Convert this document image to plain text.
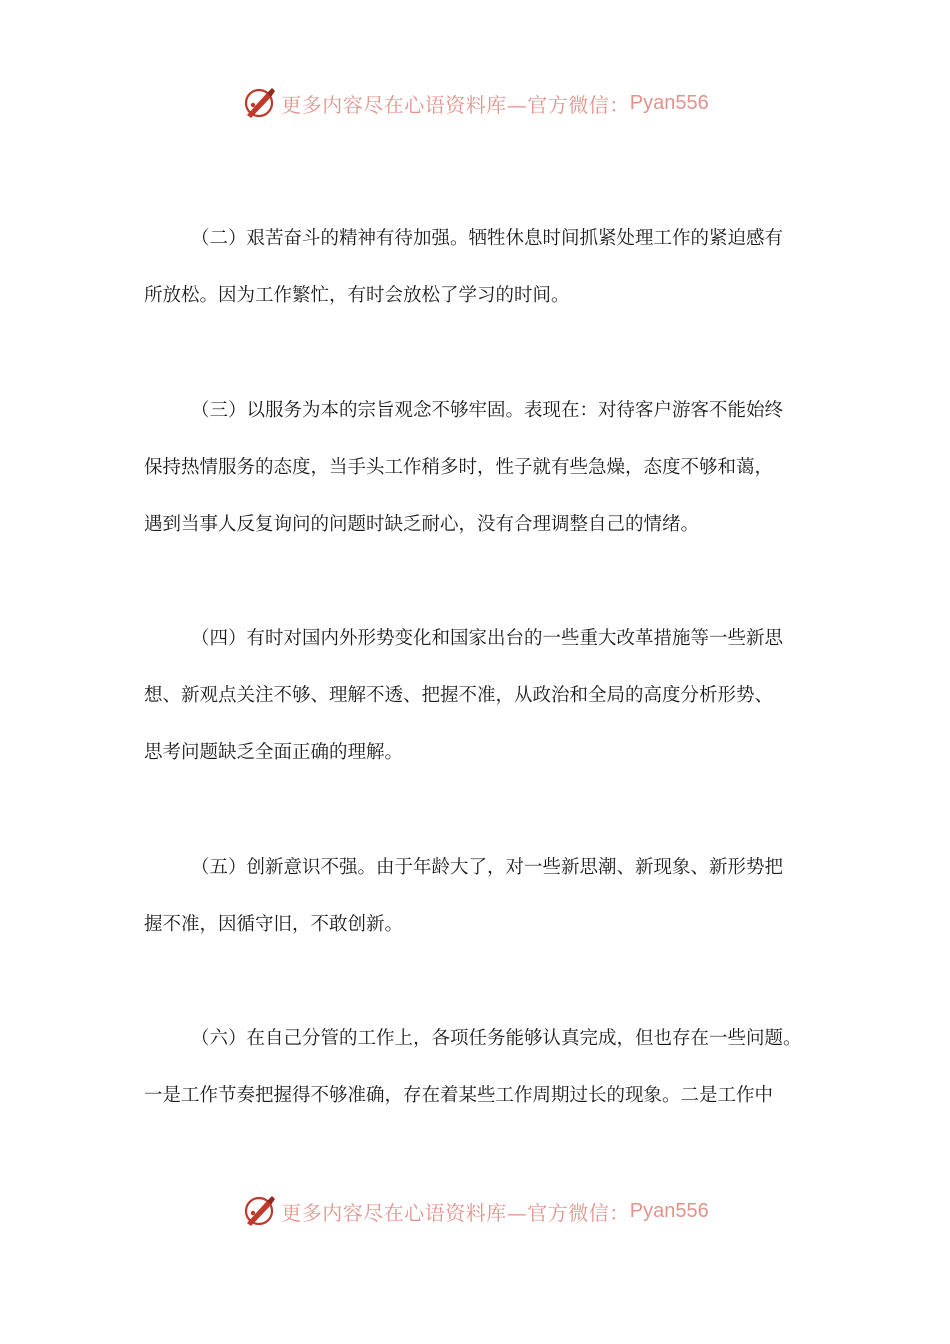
更多内容尽在心语资料库—官方微信： Pyan556
（二）艰苦奋斗的精神有待加强。牺牲休息时间抓紧处理工作的紧迫感有
所放松。因为工作繁忙，有时会放松了学习的时间。
（三）以服务为本的宗旨观念不够牢固。表现在：对待客户游客不能始终
保持热情服务的态度，当手头工作稍多时，性子就有些急燥，态度不够和蔼，
遇到当事人反复询问的问题时缺乏耐心，没有合理调整自己的情绪。
（四）有时对国内外形势变化和国家出台的一些重大改革措施等一些新思
想、新观点关注不够、理解不透、把握不准，从政治和全局的高度分析形势、
思考问题缺乏全面正确的理解。
（五）创新意识不强。由于年龄大了，对一些新思潮、新现象、新形势把
握不准，因循守旧，不敢创新。
（六）在自己分管的工作上，各项任务能够认真完成，但也存在一些问题。
一是工作节奏把握得不够准确，存在着某些工作周期过长的现象。二是工作中
更多内容尽在心语资料库—官方微信： Pyan556
